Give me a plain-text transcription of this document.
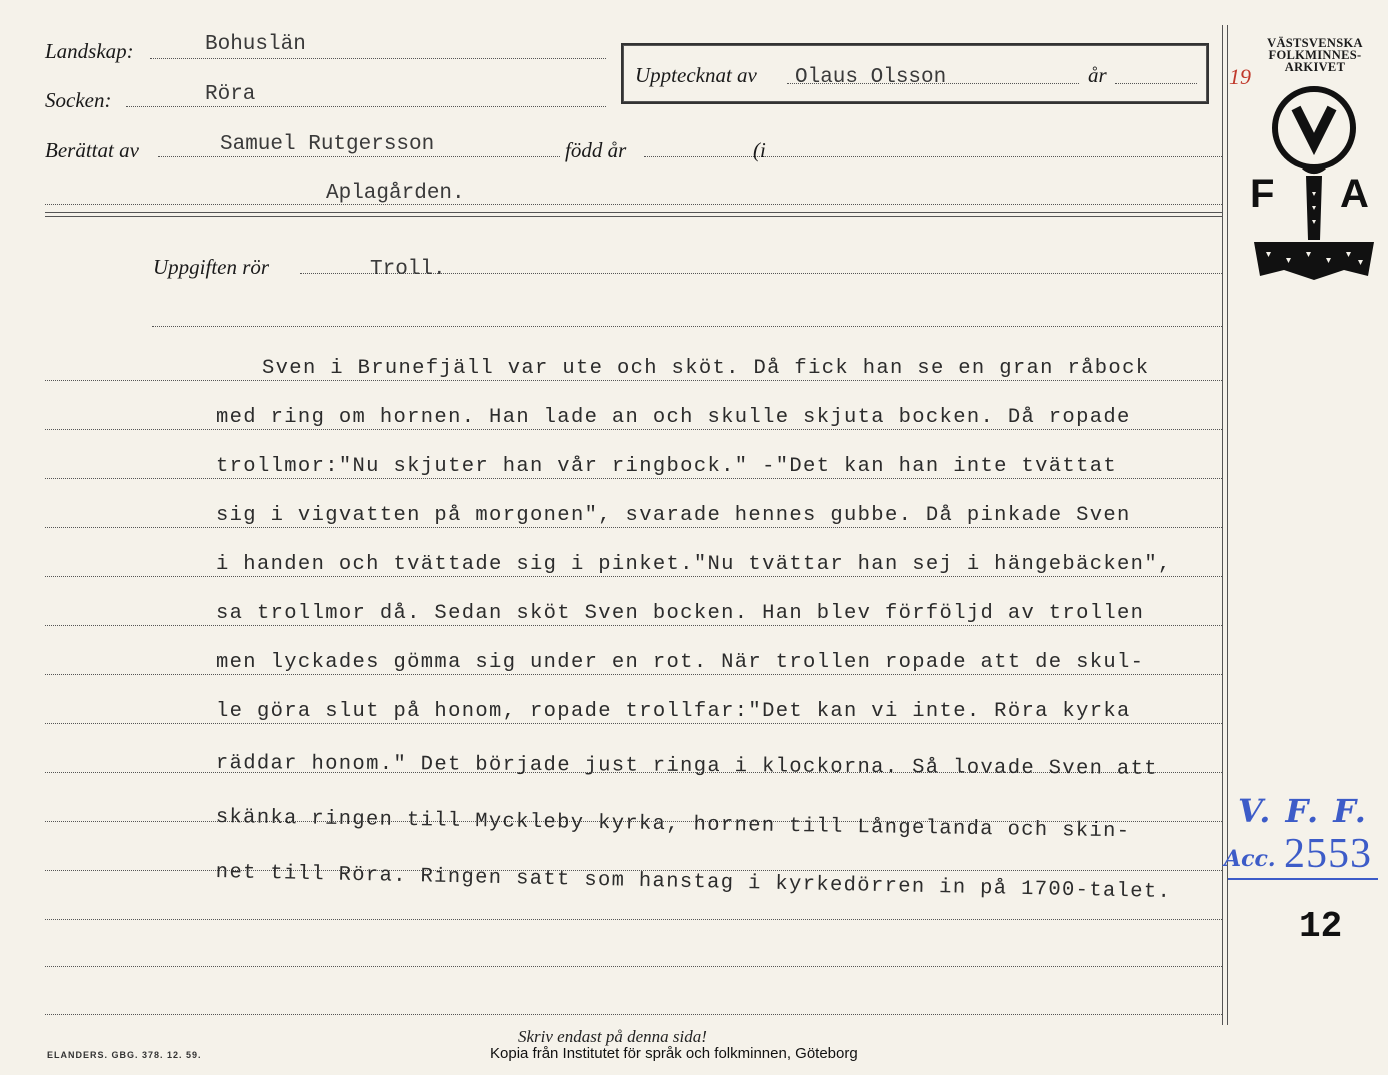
Landskap:	Bohuslän
Socken:	Röra
Upptecknat av Olaus Olsson	år	19
Berättat av	Samuel Rutgersson	född år	(i
Aplagården.
Uppgiften rör	Troll.
VÄSTSVENSKA
FOLKMINNES-
ARKIVET
V
F A
Sven i Brunefjäll var ute och sköt. Då fick han se en gran råbock
med ring om hornen. Han lade an och skulle skjuta bocken. Då ropade
trollmor:"Nu skjuter han vår ringbock." -"Det kan han inte tvättat
sig i vigvatten på morgonen", svarade hennes gubbe. Då pinkade Sven
i handen och tvättade sig i pinket."Nu tvättar han sej i hängebäcken",
sa trollmor då. Sedan sköt Sven bocken. Han blev förföljd av trollen
men lyckades gömma sig under en rot. När trollen ropade att de skul-
le göra slut på honom, ropade trollfar:"Det kan vi inte. Röra kyrka
räddar honom." Det började just ringa i klockorna. Så lovade Sven att
skänka ringen till Myckleby kyrka, hornen till Långelanda och skin-
net till Röra. Ringen satt som hanstag i kyrkedörren in på 1700-talet.
V. F. F.
Acc. 2553
12
Skriv endast på denna sida!
ELANDERS. GBG. 378. 12. 59.	Kopia från Institutet för språk och folkminnen, Göteborg
